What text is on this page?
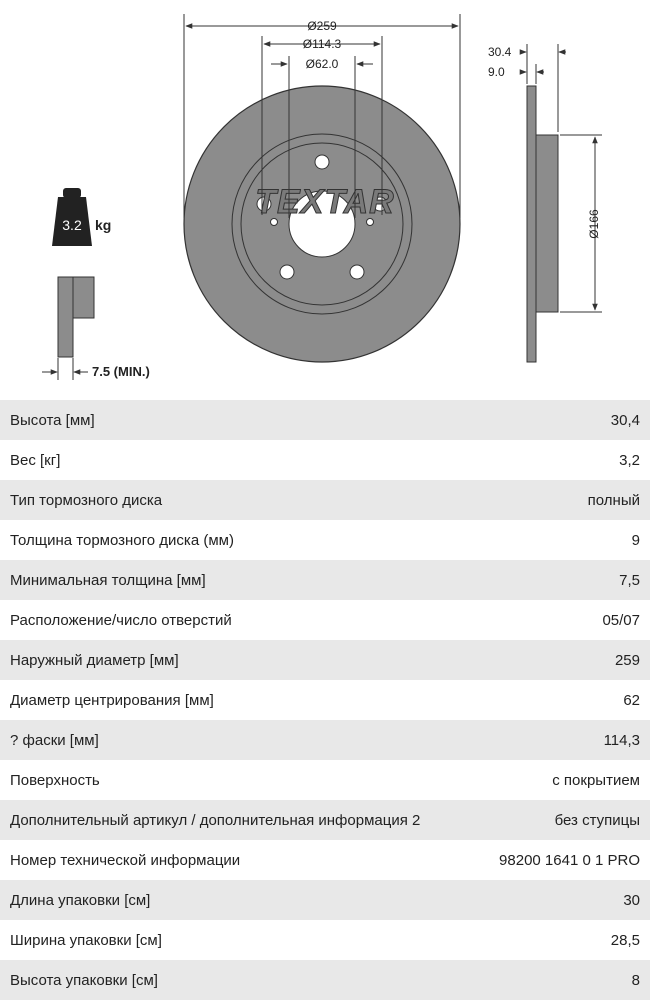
TEXTAR
Ø259
Ø114.3
Ø62.0
30.4
9.0
Ø166
3.2 kg
7.5 (MIN.)
Высота [мм]	30,4
Вес [кг]	3,2
Тип тормозного диска	полный
Толщина тормозного диска (мм)	9
Минимальная толщина [мм]	7,5
Расположение/число отверстий	05/07
Наружный диаметр [мм]	259
Диаметр центрирования [мм]	62
? фаски [мм]	114,3
Поверхность	с покрытием
Дополнительный артикул / дополнительная информация 2	без ступицы
Номер технической информации	98200 1641 0 1 PRO
Длина упаковки [см]	30
Ширина упаковки [см]	28,5
Высота упаковки [см]	8
